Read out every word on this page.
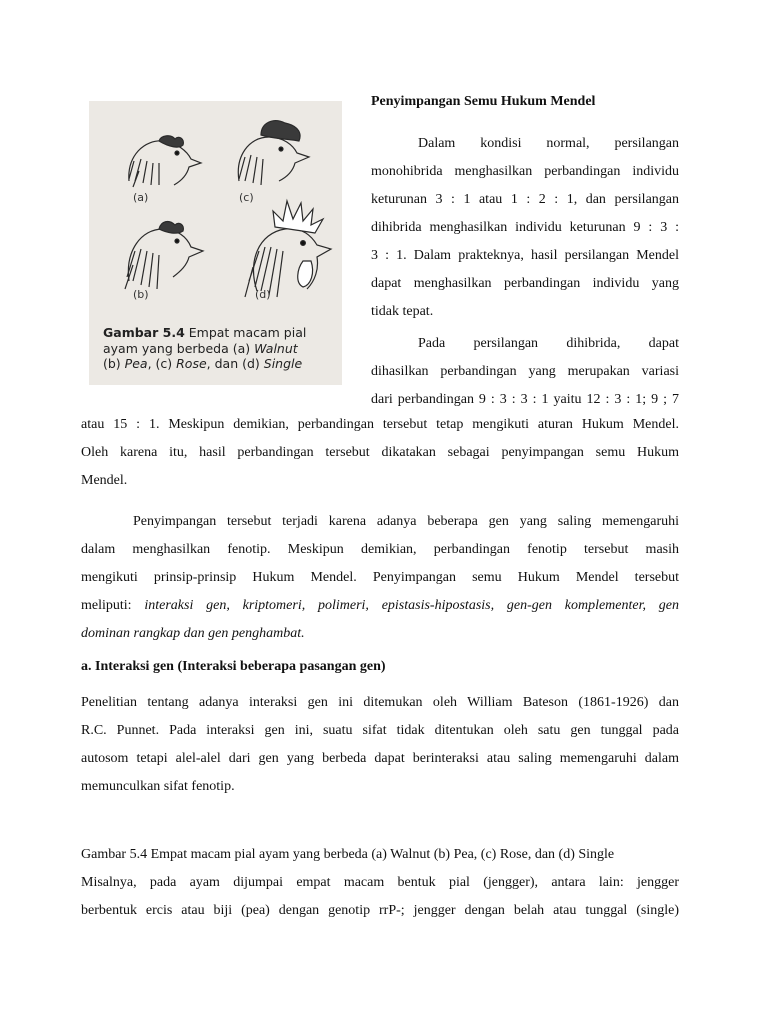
(a)	(c)

(b)	(d)

Gambar 5.4 Empat macam pial
ayam yang berbeda (a) Walnut
(b) Pea, (c) Rose, dan (d) Single

Penyimpangan Semu Hukum Mendel
Dalam kondisi normal, persilangan
monohibrida menghasilkan perbandingan individu
keturunan 3 : 1 atau 1 : 2 : 1, dan persilangan
dihibrida menghasilkan individu keturunan 9 : 3 :
3 : 1. Dalam prakteknya, hasil persilangan Mendel
dapat menghasilkan perbandingan individu yang
tidak tepat.
Pada persilangan dihibrida, dapat
dihasilkan perbandingan yang merupakan variasi
dari perbandingan 9 : 3 : 3 : 1 yaitu 12 : 3 : 1; 9 ; 7
atau 15 : 1. Meskipun demikian, perbandingan tersebut tetap mengikuti aturan Hukum Mendel.
Oleh karena itu, hasil perbandingan tersebut dikatakan sebagai penyimpangan semu Hukum
Mendel.
Penyimpangan tersebut terjadi karena adanya beberapa gen yang saling memengaruhi
dalam menghasilkan fenotip. Meskipun demikian, perbandingan fenotip tersebut masih
mengikuti prinsip-prinsip Hukum Mendel. Penyimpangan semu Hukum Mendel tersebut
meliputi: interaksi gen, kriptomeri, polimeri, epistasis-hipostasis, gen-gen komplementer, gen
dominan rangkap dan gen penghambat.
a. Interaksi gen (Interaksi beberapa pasangan gen)
Penelitian tentang adanya interaksi gen ini ditemukan oleh William Bateson (1861-1926) dan
R.C. Punnet. Pada interaksi gen ini, suatu sifat tidak ditentukan oleh satu gen tunggal pada
autosom tetapi alel-alel dari gen yang berbeda dapat berinteraksi atau saling memengaruhi dalam
memunculkan sifat fenotip.
Gambar 5.4 Empat macam pial ayam yang berbeda (a) Walnut (b) Pea, (c) Rose, dan (d) Single
Misalnya, pada ayam dijumpai empat macam bentuk pial (jengger), antara lain: jengger
berbentuk ercis atau biji (pea) dengan genotip rrP-; jengger dengan belah atau tunggal (single)
